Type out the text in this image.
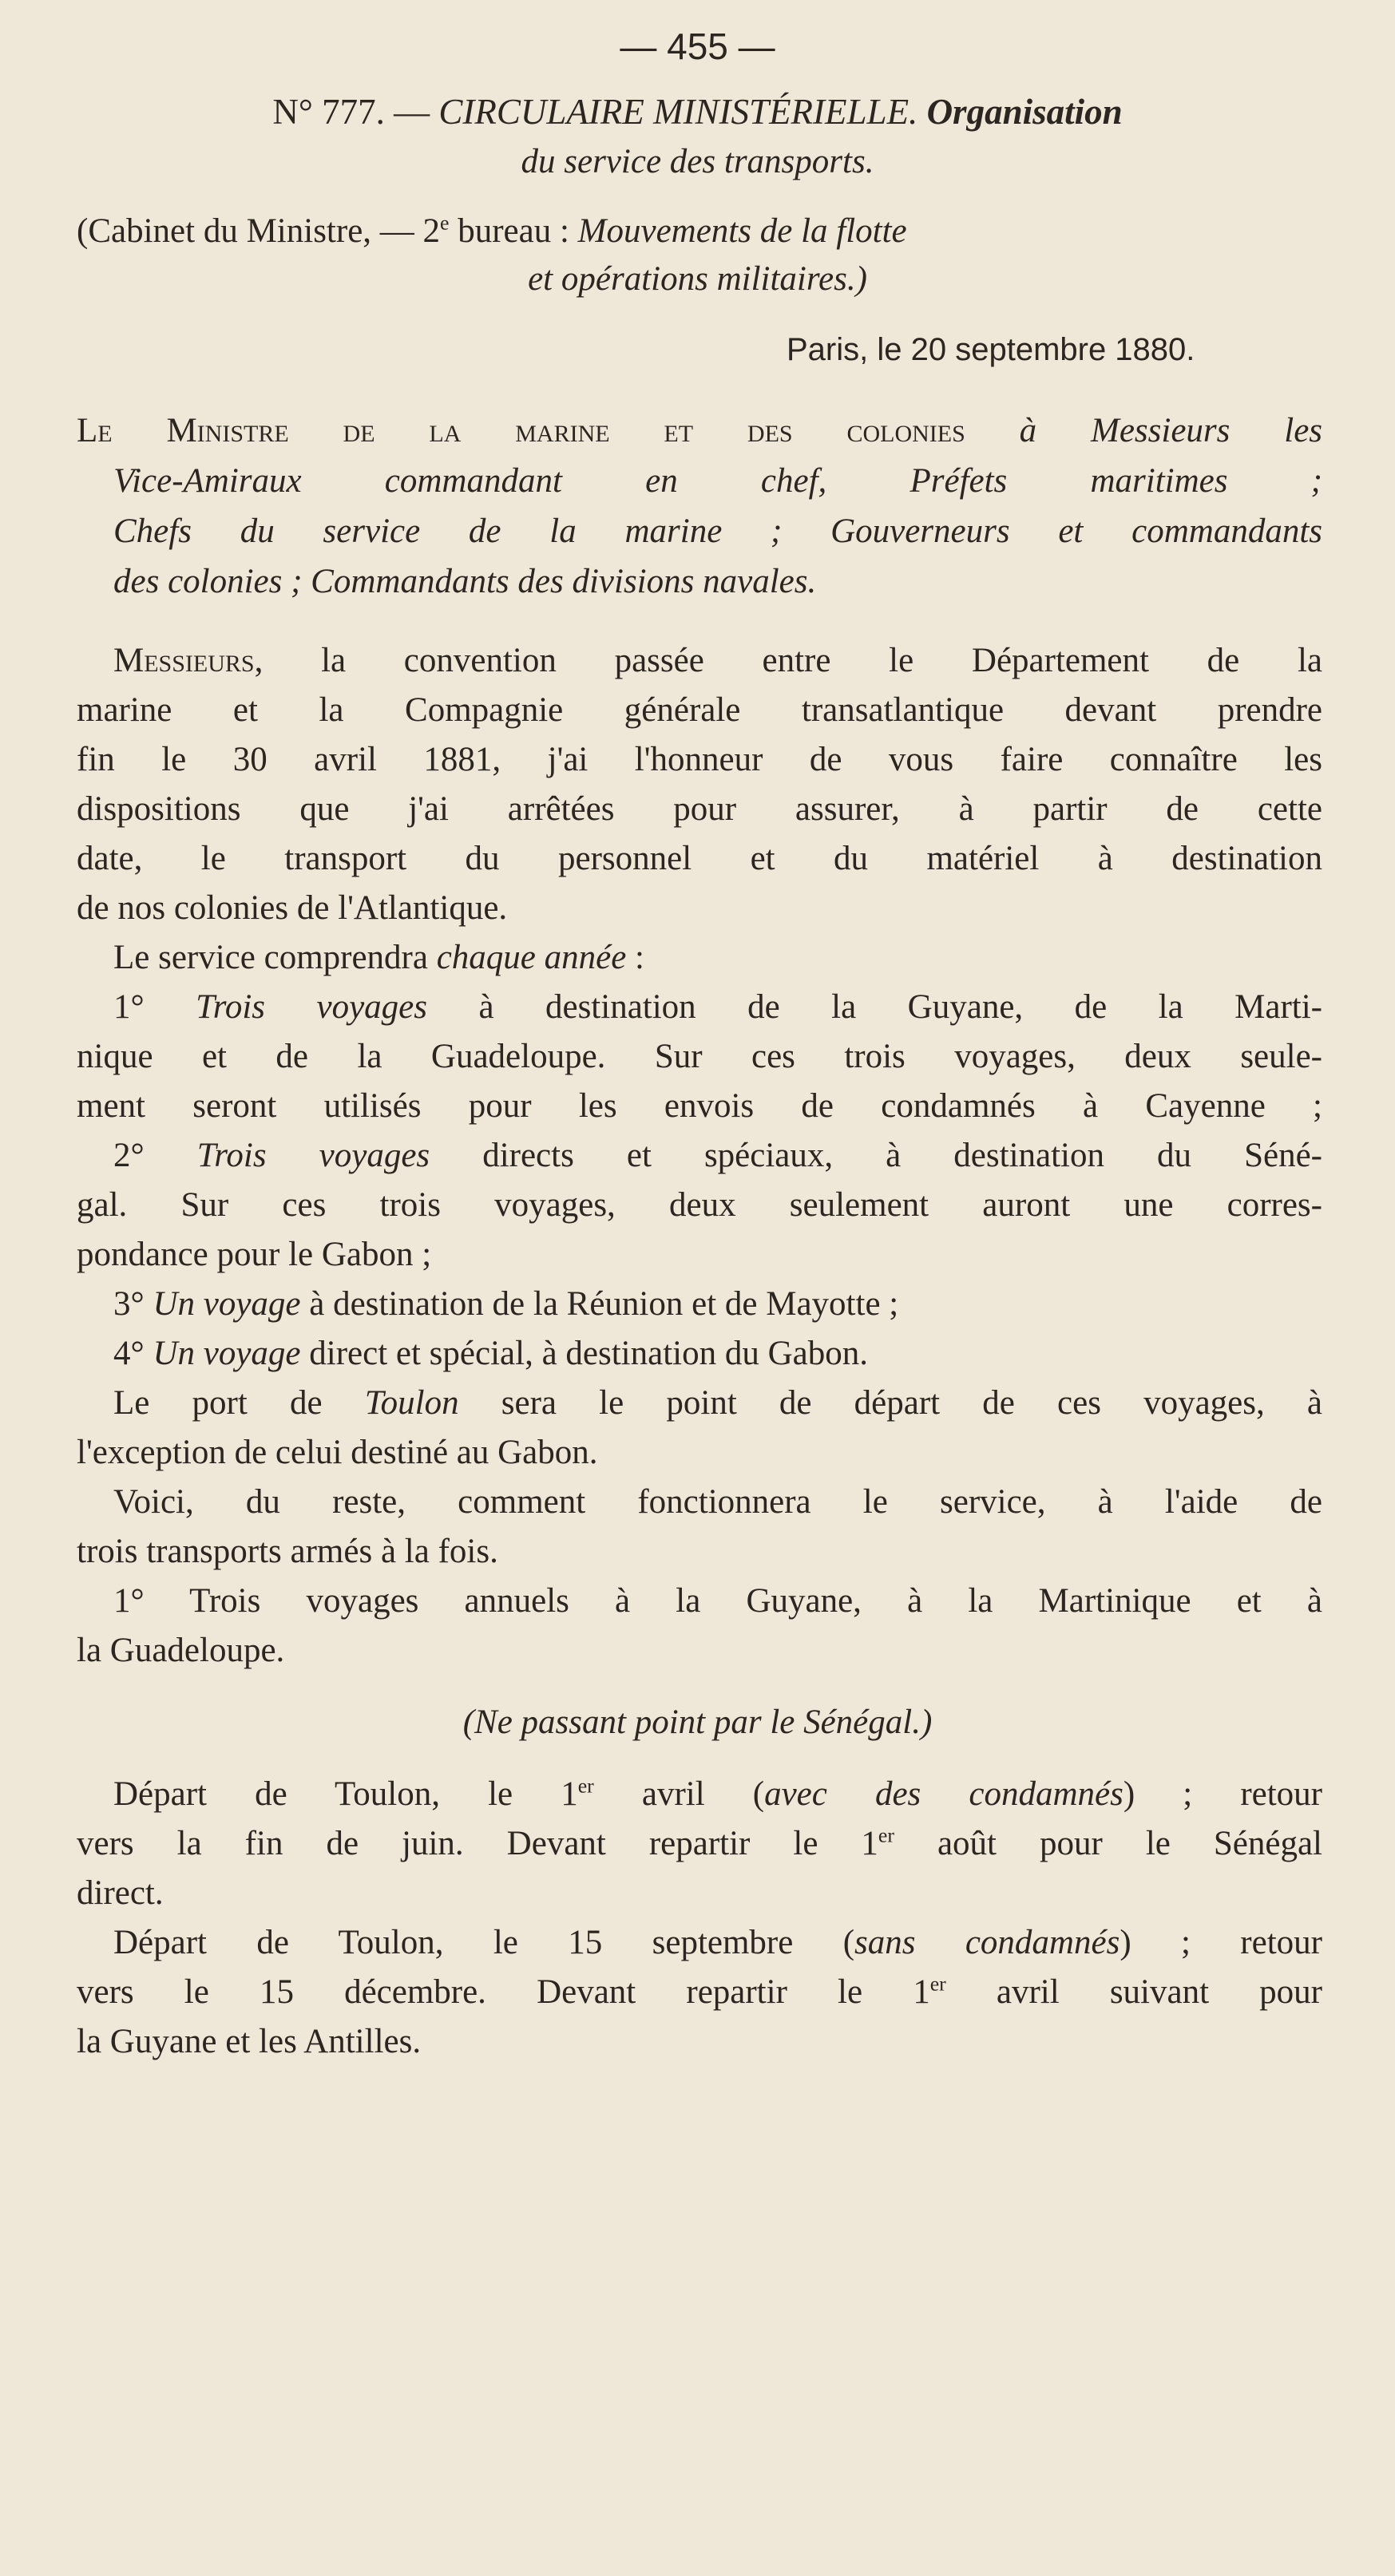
— 455 —

N° 777. — CIRCULAIRE MINISTÉRIELLE. Organisation

du service des transports.

(Cabinet du Ministre, — 2e bureau : Mouvements de la flotte

et opérations militaires.)

Paris, le 20 septembre 1880.

Le Ministre de la marine et des colonies à Messieurs les

Vice-Amiraux commandant en chef, Préfets maritimes ;

Chefs du service de la marine ; Gouverneurs et commandants

des colonies ; Commandants des divisions navales.

Messieurs, la convention passée entre le Département de la

marine et la Compagnie générale transatlantique devant prendre

fin le 30 avril 1881, j'ai l'honneur de vous faire connaître les

dispositions que j'ai arrêtées pour assurer, à partir de cette

date, le transport du personnel et du matériel à destination

de nos colonies de l'Atlantique.

Le service comprendra chaque année :

1° Trois voyages à destination de la Guyane, de la Marti-

nique et de la Guadeloupe. Sur ces trois voyages, deux seule-

ment seront utilisés pour les envois de condamnés à Cayenne ;

2° Trois voyages directs et spéciaux, à destination du Séné-

gal. Sur ces trois voyages, deux seulement auront une corres-

pondance pour le Gabon ;

3° Un voyage à destination de la Réunion et de Mayotte ;

4° Un voyage direct et spécial, à destination du Gabon.

Le port de Toulon sera le point de départ de ces voyages, à

l'exception de celui destiné au Gabon.

Voici, du reste, comment fonctionnera le service, à l'aide de

trois transports armés à la fois.

1° Trois voyages annuels à la Guyane, à la Martinique et à

la Guadeloupe.

(Ne passant point par le Sénégal.)

Départ de Toulon, le 1er avril (avec des condamnés) ; retour

vers la fin de juin. Devant repartir le 1er août pour le Sénégal

direct.

Départ de Toulon, le 15 septembre (sans condamnés) ; retour

vers le 15 décembre. Devant repartir le 1er avril suivant pour

la Guyane et les Antilles.
